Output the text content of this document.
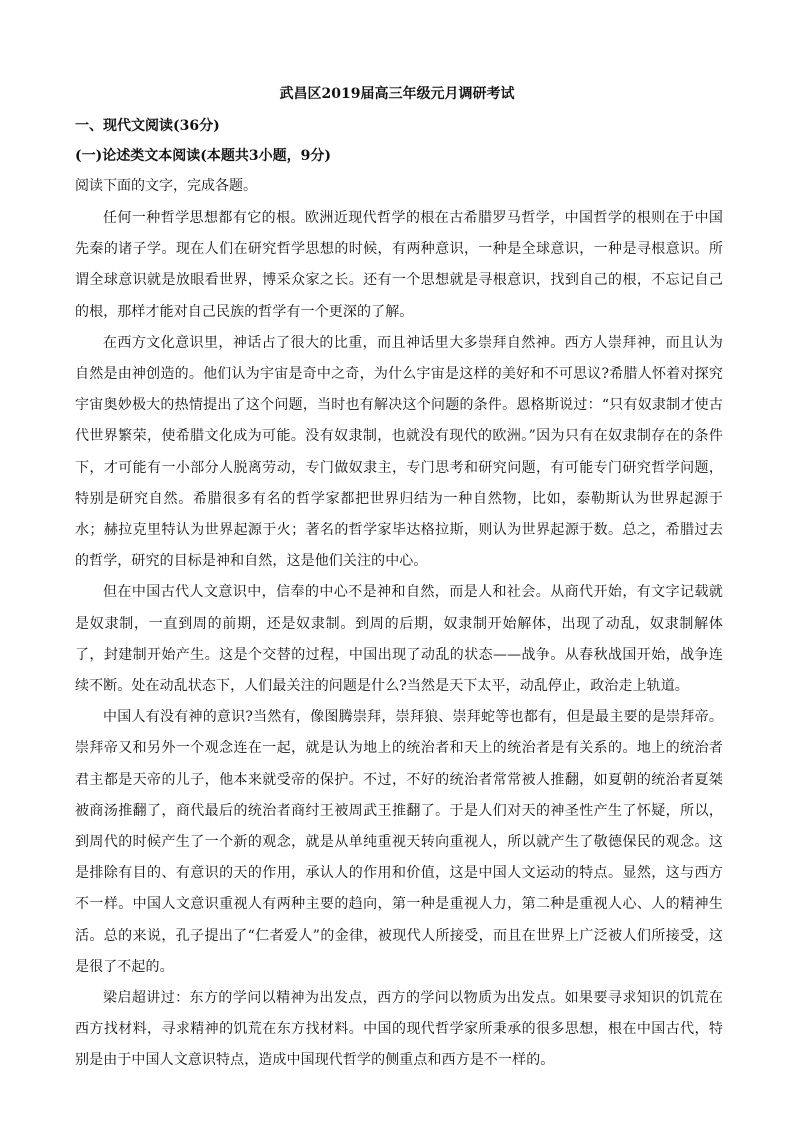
武昌区2019届高三年级元月调研考试
一、现代文阅读(36分)
(一)论述类文本阅读(本题共3小题，9分)

阅读下面的文字，完成各题。

任何一种哲学思想都有它的根。欧洲近现代哲学的根在古希腊罗马哲学，中国哲学的根则在于中国先秦的诸子学。现在人们在研究哲学思想的时候，有两种意识，一种是全球意识，一种是寻根意识。所谓全球意识就是放眼看世界，博采众家之长。还有一个思想就是寻根意识，找到自己的根，不忘记自己的根，那样才能对自己民族的哲学有一个更深的了解。

在西方文化意识里，神话占了很大的比重，而且神话里大多崇拜自然神。西方人崇拜神，而且认为自然是由神创造的。他们认为宇宙是奇中之奇，为什么宇宙是这样的美好和不可思议?希腊人怀着对探究宇宙奥妙极大的热情提出了这个问题，当时也有解决这个问题的条件。恩格斯说过：“只有奴隶制才使古代世界繁荣，使希腊文化成为可能。没有奴隶制，也就没有现代的欧洲。”因为只有在奴隶制存在的条件下，才可能有一小部分人脱离劳动，专门做奴隶主，专门思考和研究问题，有可能专门研究哲学问题，特别是研究自然。希腊很多有名的哲学家都把世界归结为一种自然物，比如，泰勒斯认为世界起源于水；赫拉克里特认为世界起源于火；著名的哲学家毕达格拉斯，则认为世界起源于数。总之，希腊过去的哲学，研究的目标是神和自然，这是他们关注的中心。

但在中国古代人文意识中，信奉的中心不是神和自然，而是人和社会。从商代开始，有文字记载就是奴隶制，一直到周的前期，还是奴隶制。到周的后期，奴隶制开始解体，出现了动乱，奴隶制解体了，封建制开始产生。这是个交替的过程，中国出现了动乱的状态——战争。从春秋战国开始，战争连续不断。处在动乱状态下，人们最关注的问题是什么?当然是天下太平，动乱停止，政治走上轨道。

中国人有没有神的意识?当然有，像图腾崇拜，崇拜狼、崇拜蛇等也都有，但是最主要的是崇拜帝。崇拜帝又和另外一个观念连在一起，就是认为地上的统治者和天上的统治者是有关系的。地上的统治者君主都是天帝的儿子，他本来就受帝的保护。不过，不好的统治者常常被人推翻，如夏朝的统治者夏桀被商汤推翻了，商代最后的统治者商纣王被周武王推翻了。于是人们对天的神圣性产生了怀疑，所以，到周代的时候产生了一个新的观念，就是从单纯重视天转向重视人，所以就产生了敬德保民的观念。这是排除有目的、有意识的天的作用，承认人的作用和价值，这是中国人文运动的特点。显然，这与西方不一样。中国人文意识重视人有两种主要的趋向，第一种是重视人力，第二种是重视人心、人的精神生活。总的来说，孔子提出了“仁者爱人”的金律，被现代人所接受，而且在世界上广泛被人们所接受，这是很了不起的。

梁启超讲过：东方的学问以精神为出发点，西方的学问以物质为出发点。如果要寻求知识的饥荒在西方找材料，寻求精神的饥荒在东方找材料。中国的现代哲学家所秉承的很多思想，根在中国古代，特别是由于中国人文意识特点，造成中国现代哲学的侧重点和西方是不一样的。
